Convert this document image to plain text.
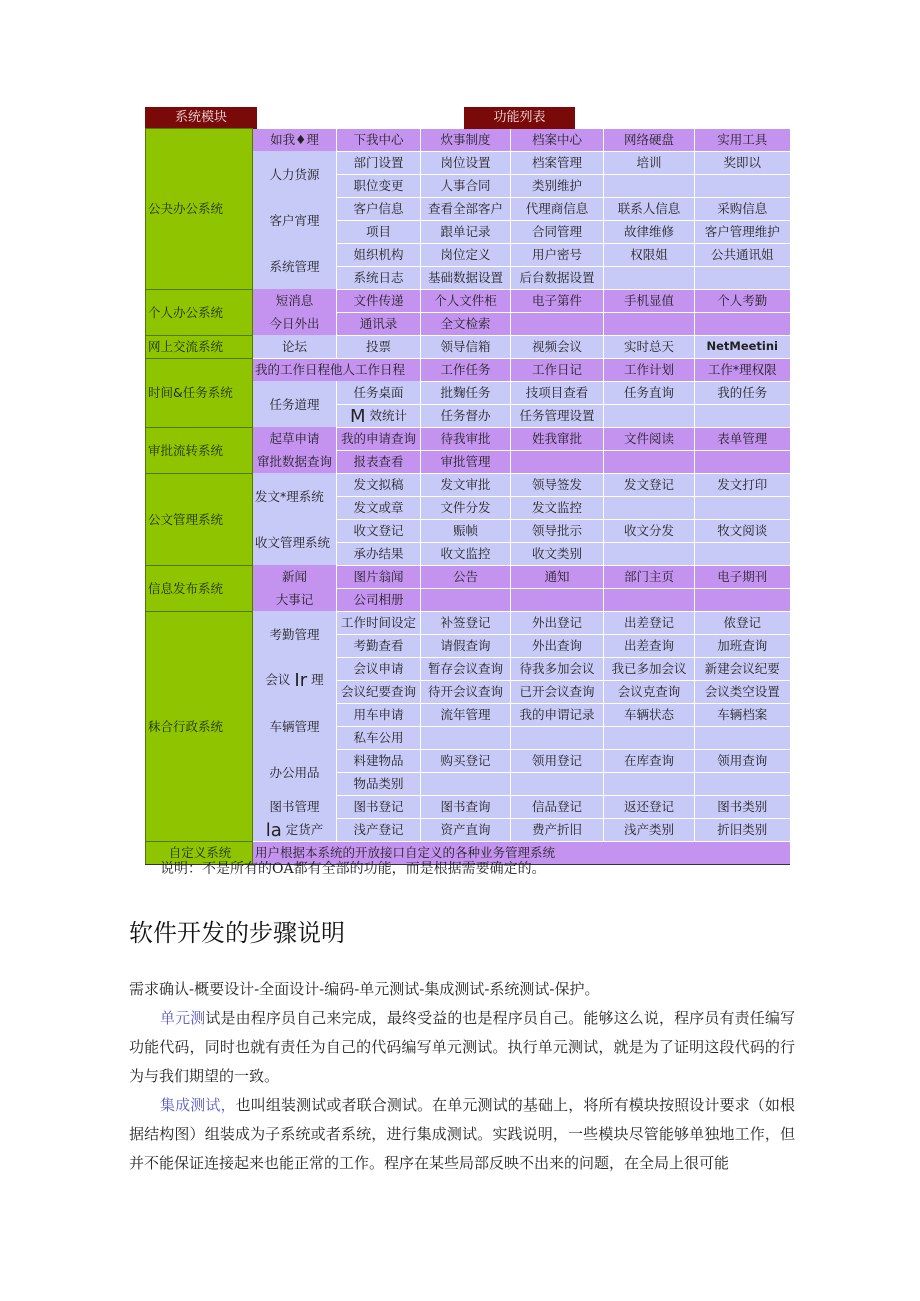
系统模块	功能列表
公夬办公系统	如我♦理	下我中心	炊事制度	档案中心	网络硬盘	实用工具
	人力货源	部门设置	岗位设置	档案管理	培训	奖即以
		职位变更	人事合同	类别维护		
	客户宵理	客户信息	查看全部客户	代理商信息	联系人信息	采购信息
		项目	跟单记录	合同管理	故律维修	客户管理维护
	系统管理	姐织机构	岗位定义	用户密号	权限姐	公共通讯姐
		系统日志	基础数据设置	后台数据设置		
个人办公系统	短消息	文件传递	个人文件柜	电子第件	手机显值	个人考勤
	今日外出	通讯录	全文检索			
网上交流系统	论坛	投票	领导信箱	视频会议	实时总天	NetMeetini
时间&任务系统	我的工作日程他人工作日程		工作任务	工作日记	工作计划	工作*理权限
	任务道理	任务桌面	批麴任务	技项目查看	任务直询	我的任务
		M 效统计	任务督办	任务管理设置		
审批流转系统	起草申请	我的申请查询	待我审批	姓我窜批	文件阅读	表单管理
	窜批数据查询	报表查看	审批管理			
公文管理系统	发文*理系统	发文拟稿	发文审批	领导签发	发文登记	发文打印
		发文或章	文件分发	发文监控		
	收文管理系统	收文登记	赈帧	领导批示	收文分发	牧文阅谈
		承办结果	收文监控	收文类别		
信息发布系统	新闻	图片翁闻	公告	通知	部门主页	电子期刊
	大事记	公司相册				
秣合行政系统	考勤管理	工作时间设定	补签登记	外出登记	出差登记	侬登记
		考勤查看	请假查询	外出查询	出差查询	加班查询
	会议 Ir 理	会议申请	暂存会议查询	待我多加会议	我已多加会议	新建会议纪要
		会议纪要查询	待开会议查询	已开会议查询	会议克查询	会议类空设置
	车辆管理	用车申请	流年管理	我的申谓记录	车辆状态	车辆档案
		私车公用				
	办公用品	料建物品	购买登记	领用登记	在库查询	领用查询
		物品类别				
	图书管理	图书登记	图书查询	信品登记	返还登记	图书类别
	la 定货产	浅产登记	资产直询	费产折旧	浅产类别	折旧类别
自定义系统	用户根据本系统的开放接口自定义的各种业务管理系统					
说明：不是所有的OA都有全部的功能，而是根据需要确定的。
软件开发的步骤说明
需求确认-概要设计-全面设计-编码-单元测试-集成测试-系统测试-保护。
单元测试是由程序员自己来完成，最终受益的也是程序员自己。能够这么说，程序员有责任编写功能代码，同时也就有责任为自己的代码编写单元测试。执行单元测试，就是为了证明这段代码的行为与我们期望的一致。
集成测试，也叫组装测试或者联合测试。在单元测试的基础上，将所有模块按照设计要求（如根据结构图）组装成为子系统或者系统，进行集成测试。实践说明，一些模块尽管能够单独地工作，但并不能保证连接起来也能正常的工作。程序在某些局部反映不出来的问题，在全局上很可能
